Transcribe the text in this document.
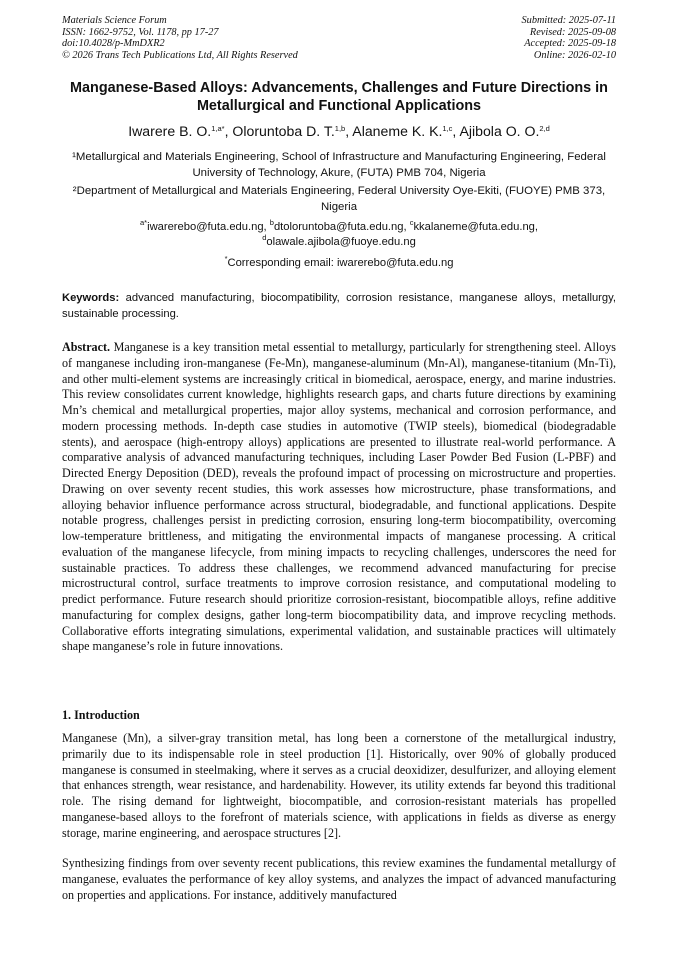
Materials Science Forum
ISSN: 1662-9752, Vol. 1178, pp 17-27
doi:10.4028/p-MmDXR2
© 2026 Trans Tech Publications Ltd, All Rights Reserved
Submitted: 2025-07-11
Revised: 2025-09-08
Accepted: 2025-09-18
Online: 2026-02-10
Manganese-Based Alloys: Advancements, Challenges and Future Directions in Metallurgical and Functional Applications
Iwarere B. O.$^{1,a*}$, Oloruntoba D. T.$^{1,b}$, Alaneme K. K.$^{1,c}$, Ajibola O. O.$^{2,d}$
¹Metallurgical and Materials Engineering, School of Infrastructure and Manufacturing Engineering, Federal University of Technology, Akure, (FUTA) PMB 704, Nigeria
²Department of Metallurgical and Materials Engineering, Federal University Oye-Ekiti, (FUOYE) PMB 373, Nigeria
$^{a*}$iwarerebo@futa.edu.ng, $^b$dtoloruntoba@futa.edu.ng, $^c$kkalaneme@futa.edu.ng,
$^d$olawale.ajibola@fuoye.edu.ng
*Corresponding email: iwarerebo@futa.edu.ng
Keywords: advanced manufacturing, biocompatibility, corrosion resistance, manganese alloys, metallurgy, sustainable processing.
Abstract. Manganese is a key transition metal essential to metallurgy, particularly for strengthening steel. Alloys of manganese including iron-manganese (Fe-Mn), manganese-aluminum (Mn-Al), manganese-titanium (Mn-Ti), and other multi-element systems are increasingly critical in biomedical, aerospace, energy, and marine industries. This review consolidates current knowledge, highlights research gaps, and charts future directions by examining Mn’s chemical and metallurgical properties, major alloy systems, mechanical and corrosion performance, and modern processing methods. In-depth case studies in automotive (TWIP steels), biomedical (biodegradable stents), and aerospace (high-entropy alloys) applications are presented to illustrate real-world performance. A comparative analysis of advanced manufacturing techniques, including Laser Powder Bed Fusion (L-PBF) and Directed Energy Deposition (DED), reveals the profound impact of processing on microstructure and properties. Drawing on over seventy recent studies, this work assesses how microstructure, phase transformations, and alloying behavior influence performance across structural, biodegradable, and functional applications. Despite notable progress, challenges persist in predicting corrosion, ensuring long-term biocompatibility, overcoming low-temperature brittleness, and mitigating the environmental impacts of manganese processing. A critical evaluation of the manganese lifecycle, from mining impacts to recycling challenges, underscores the need for sustainable practices. To address these challenges, we recommend advanced manufacturing for precise microstructural control, surface treatments to improve corrosion resistance, and computational modeling to predict performance. Future research should prioritize corrosion-resistant, biocompatible alloys, refine additive manufacturing for complex designs, gather long-term biocompatibility data, and improve recycling methods. Collaborative efforts integrating simulations, experimental validation, and sustainable practices will ultimately shape manganese’s role in future innovations.
1. Introduction
Manganese (Mn), a silver-gray transition metal, has long been a cornerstone of the metallurgical industry, primarily due to its indispensable role in steel production [1]. Historically, over 90% of globally produced manganese is consumed in steelmaking, where it serves as a crucial deoxidizer, desulfurizer, and alloying element that enhances strength, wear resistance, and hardenability. However, its utility extends far beyond this traditional role. The rising demand for lightweight, biocompatible, and corrosion-resistant materials has propelled manganese-based alloys to the forefront of materials science, with applications in fields as diverse as energy storage, marine engineering, and aerospace structures [2].
Synthesizing findings from over seventy recent publications, this review examines the fundamental metallurgy of manganese, evaluates the performance of key alloy systems, and analyzes the impact of advanced manufacturing on properties and applications. For instance, additively manufactured
